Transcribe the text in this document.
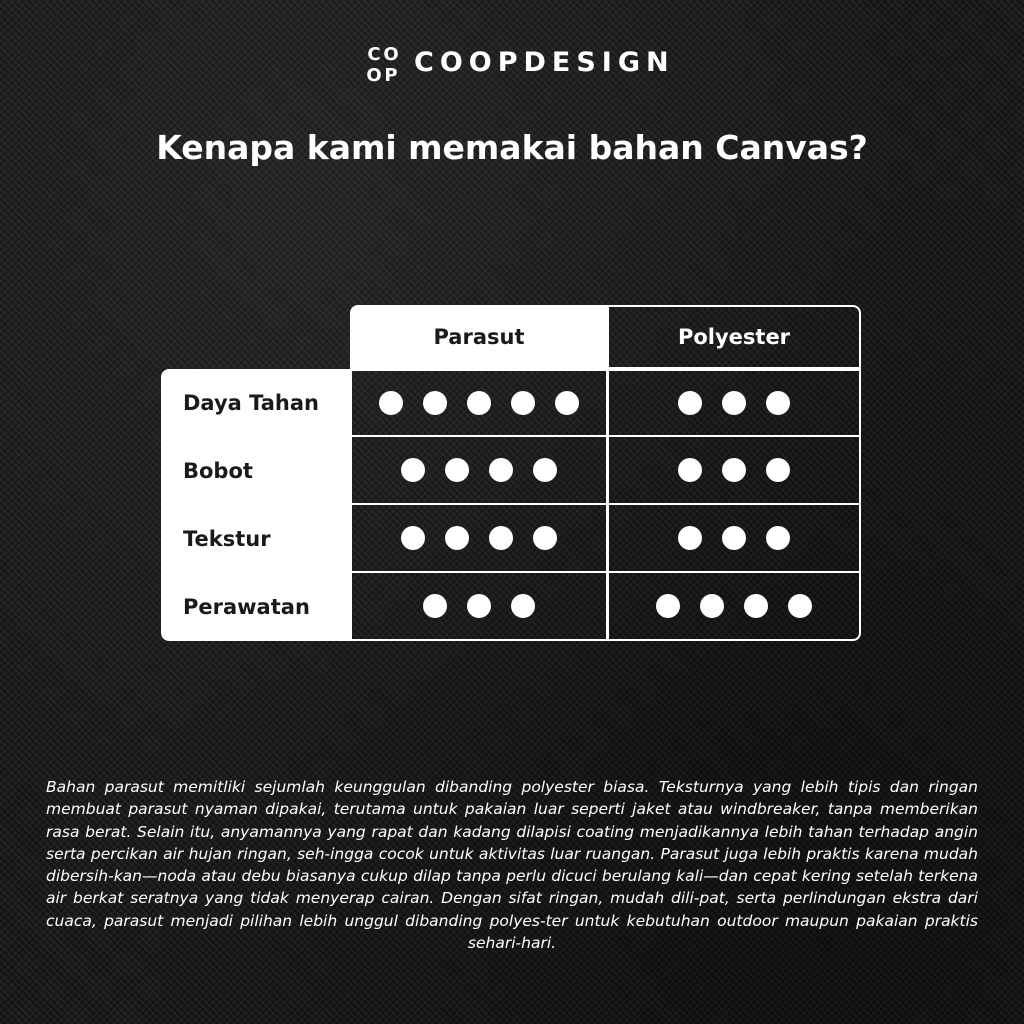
C O
O P COOPDESIGN
Kenapa kami memakai bahan Canvas?
Parasut	Polyester
Daya Tahan
Bobot
Tekstur
Perawatan

Bahan parasut memitliki sejumlah keunggulan dibanding polyester biasa. Teksturnya yang lebih tipis dan ringan membuat parasut nyaman dipakai, terutama untuk pakaian luar seperti jaket atau windbreaker, tanpa memberikan rasa berat. Selain itu, anyamannya yang rapat dan kadang dilapisi coating menjadikannya lebih tahan terhadap angin serta percikan air hujan ringan, seh-ingga cocok untuk aktivitas luar ruangan. Parasut juga lebih praktis karena mudah dibersih-kan—noda atau debu biasanya cukup dilap tanpa perlu dicuci berulang kali—dan cepat kering setelah terkena air berkat seratnya yang tidak menyerap cairan. Dengan sifat ringan, mudah dili-pat, serta perlindungan ekstra dari cuaca, parasut menjadi pilihan lebih unggul dibanding polyes-ter untuk kebutuhan outdoor maupun pakaian praktis sehari-hari.
